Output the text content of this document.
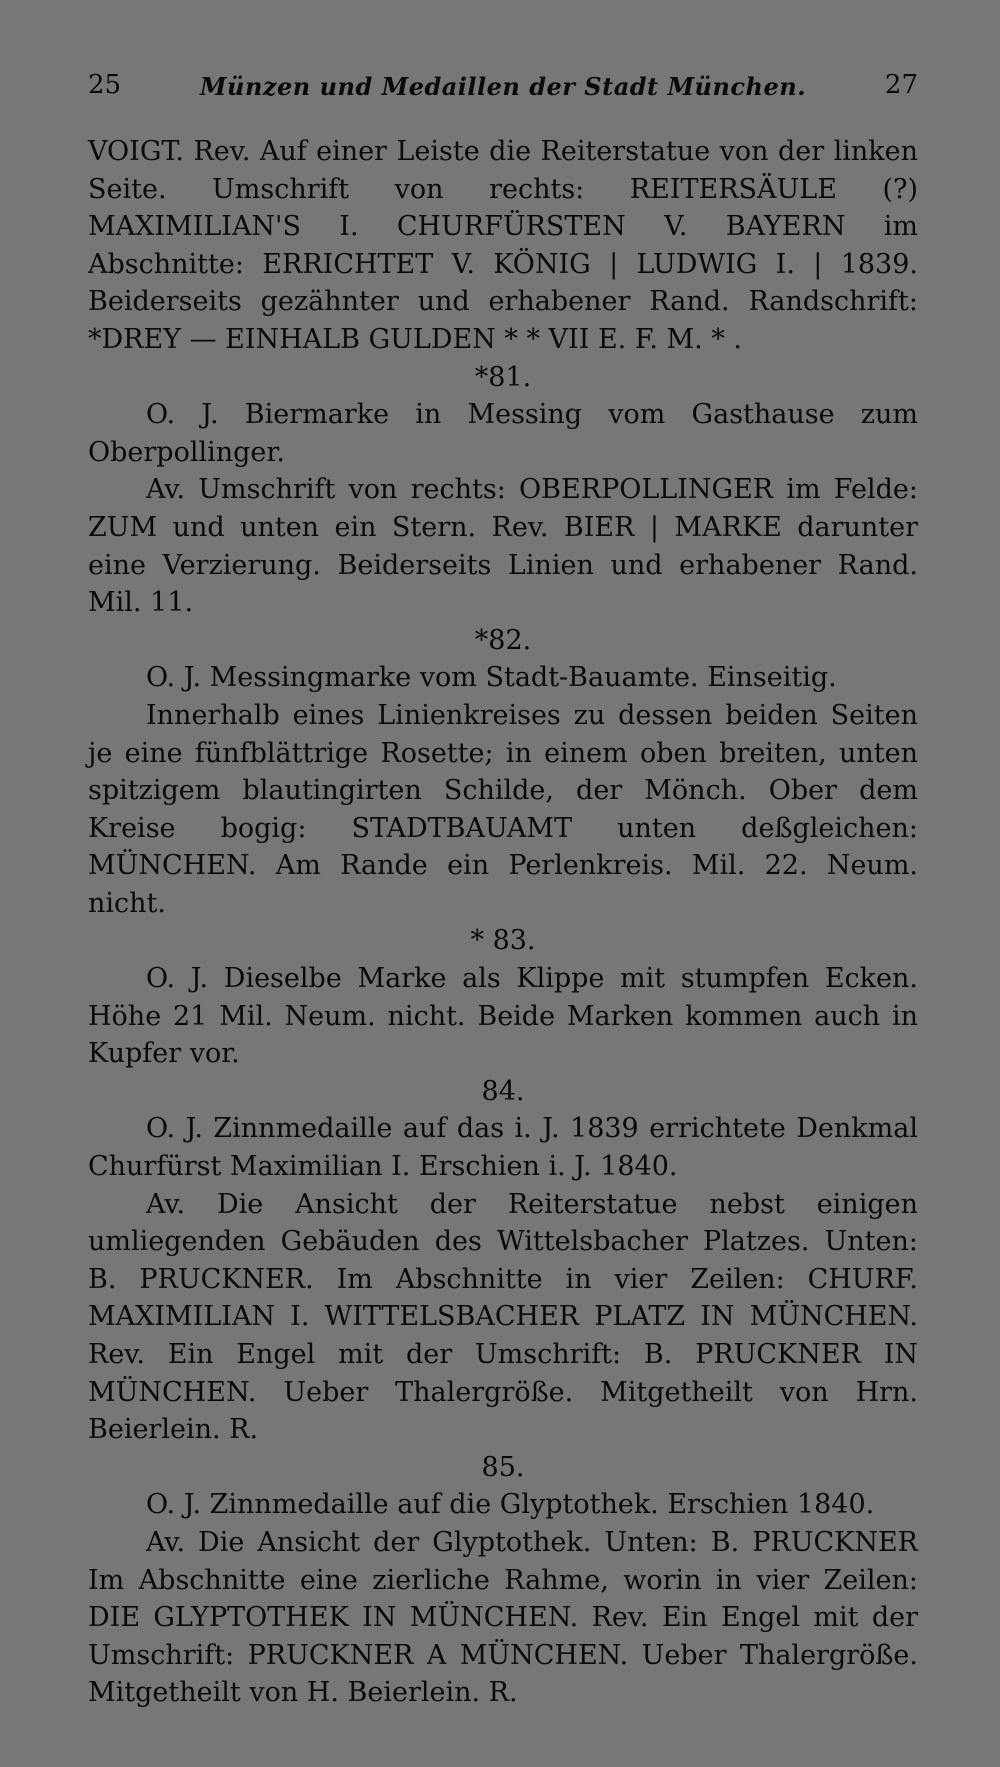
25	Münzen und Medaillen der Stadt München.	27

VOIGT. Rev. Auf einer Leiste die Reiterstatue von der linken Seite. Umschrift von rechts: REITERSÄULE (?) MAXIMILIAN'S I. CHURFÜRSTEN V. BAYERN im Abschnitte: ERRICHTET V. KÖNIG | LUDWIG I. | 1839. Beiderseits gezähnter und erhabener Rand. Randschrift: *DREY — EINHALB GULDEN * * VII E. F. M. * .

*81.

O. J. Biermarke in Messing vom Gasthause zum Oberpollinger.

Av. Umschrift von rechts: OBERPOLLINGER im Felde: ZUM und unten ein Stern. Rev. BIER | MARKE darunter eine Verzierung. Beiderseits Linien und erhabener Rand. Mil. 11.

*82.

O. J. Messingmarke vom Stadt-Bauamte. Einseitig.

Innerhalb eines Linienkreises zu dessen beiden Seiten je eine fünfblättrige Rosette; in einem oben breiten, unten spitzigem blautingirten Schilde, der Mönch. Ober dem Kreise bogig: STADTBAUAMT unten deßgleichen: MÜNCHEN. Am Rande ein Perlenkreis. Mil. 22. Neum. nicht.

* 83.

O. J. Dieselbe Marke als Klippe mit stumpfen Ecken. Höhe 21 Mil. Neum. nicht. Beide Marken kommen auch in Kupfer vor.

84.

O. J. Zinnmedaille auf das i. J. 1839 errichtete Denkmal Churfürst Maximilian I. Erschien i. J. 1840.

Av. Die Ansicht der Reiterstatue nebst einigen umliegenden Gebäuden des Wittelsbacher Platzes. Unten: B. PRUCKNER. Im Abschnitte in vier Zeilen: CHURF. MAXIMILIAN I. WITTELSBACHER PLATZ IN MÜNCHEN. Rev. Ein Engel mit der Umschrift: B. PRUCKNER IN MÜNCHEN. Ueber Thalergröße. Mitgetheilt von Hrn. Beierlein. R.

85.

O. J. Zinnmedaille auf die Glyptothek. Erschien 1840.

Av. Die Ansicht der Glyptothek. Unten: B. PRUCKNER Im Abschnitte eine zierliche Rahme, worin in vier Zeilen: DIE GLYPTOTHEK IN MÜNCHEN. Rev. Ein Engel mit der Umschrift: PRUCKNER A MÜNCHEN. Ueber Thalergröße. Mitgetheilt von H. Beierlein. R.
